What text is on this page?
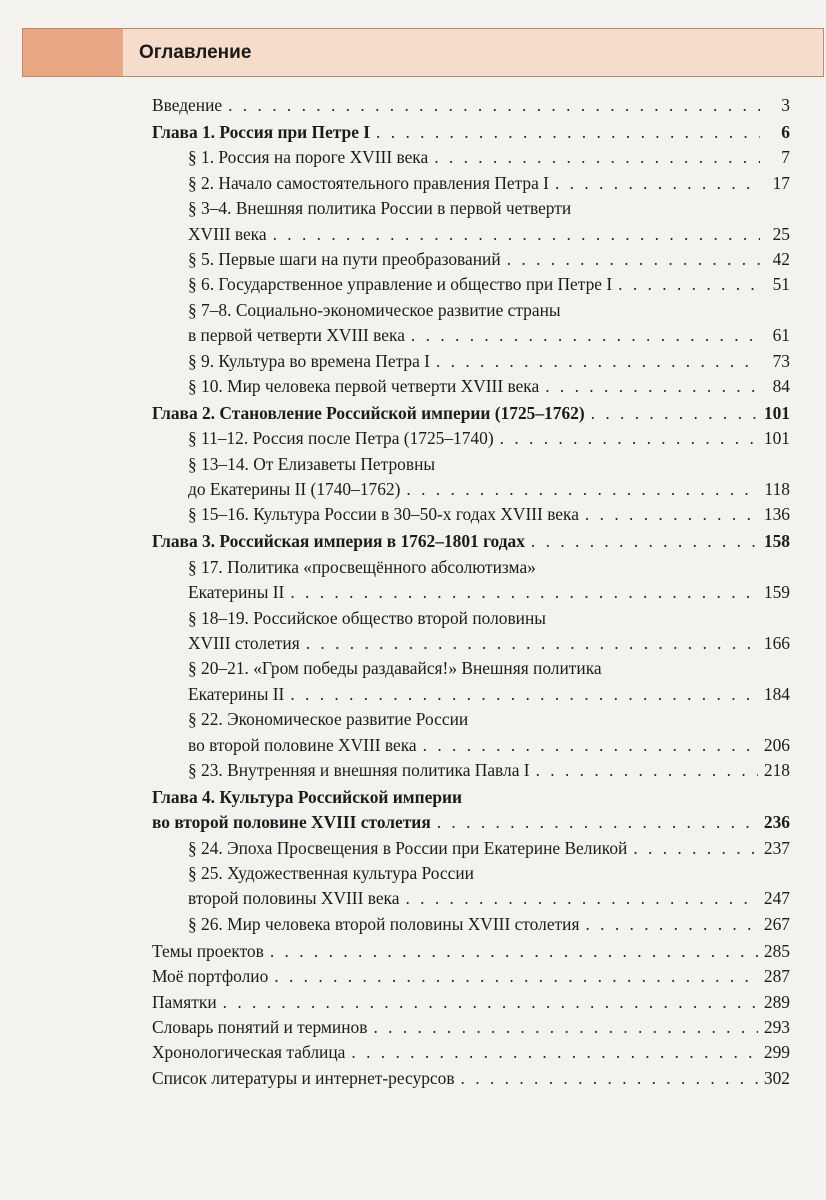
Оглавление
Введение . . .	3
Глава 1. Россия при Петре I . . .	6
§ 1. Россия на пороге XVIII века . . .	7
§ 2. Начало самостоятельного правления Петра I . . .	17
§ 3–4. Внешняя политика России в первой четверти
XVIII века . . .	25
§ 5. Первые шаги на пути преобразований . . .	42
§ 6. Государственное управление и общество при Петре I . . .	51
§ 7–8. Социально-экономическое развитие страны
в первой четверти XVIII века . . .	61
§ 9. Культура во времена Петра I . . .	73
§ 10. Мир человека первой четверти XVIII века . . .	84
Глава 2. Становление Российской империи (1725–1762) . . .	101
§ 11–12. Россия после Петра (1725–1740) . . .	101
§ 13–14. От Елизаветы Петровны
до Екатерины II (1740–1762) . . .	118
§ 15–16. Культура России в 30–50-х годах XVIII века . . .	136
Глава 3. Российская империя в 1762–1801 годах . . .	158
§ 17. Политика «просвещённого абсолютизма»
Екатерины II . . .	159
§ 18–19. Российское общество второй половины
XVIII столетия . . .	166
§ 20–21. «Гром победы раздавайся!» Внешняя политика
Екатерины II . . .	184
§ 22. Экономическое развитие России
во второй половине XVIII века . . .	206
§ 23. Внутренняя и внешняя политика Павла I . . .	218
Глава 4. Культура Российской империи
во второй половине XVIII столетия . . .	236
§ 24. Эпоха Просвещения в России при Екатерине Великой . . .	237
§ 25. Художественная культура России
второй половины XVIII века . . .	247
§ 26. Мир человека второй половины XVIII столетия . . .	267
Темы проектов . . .	285
Моё портфолио . . .	287
Памятки . . .	289
Словарь понятий и терминов . . .	293
Хронологическая таблица . . .	299
Список литературы и интернет-ресурсов . . .	302
